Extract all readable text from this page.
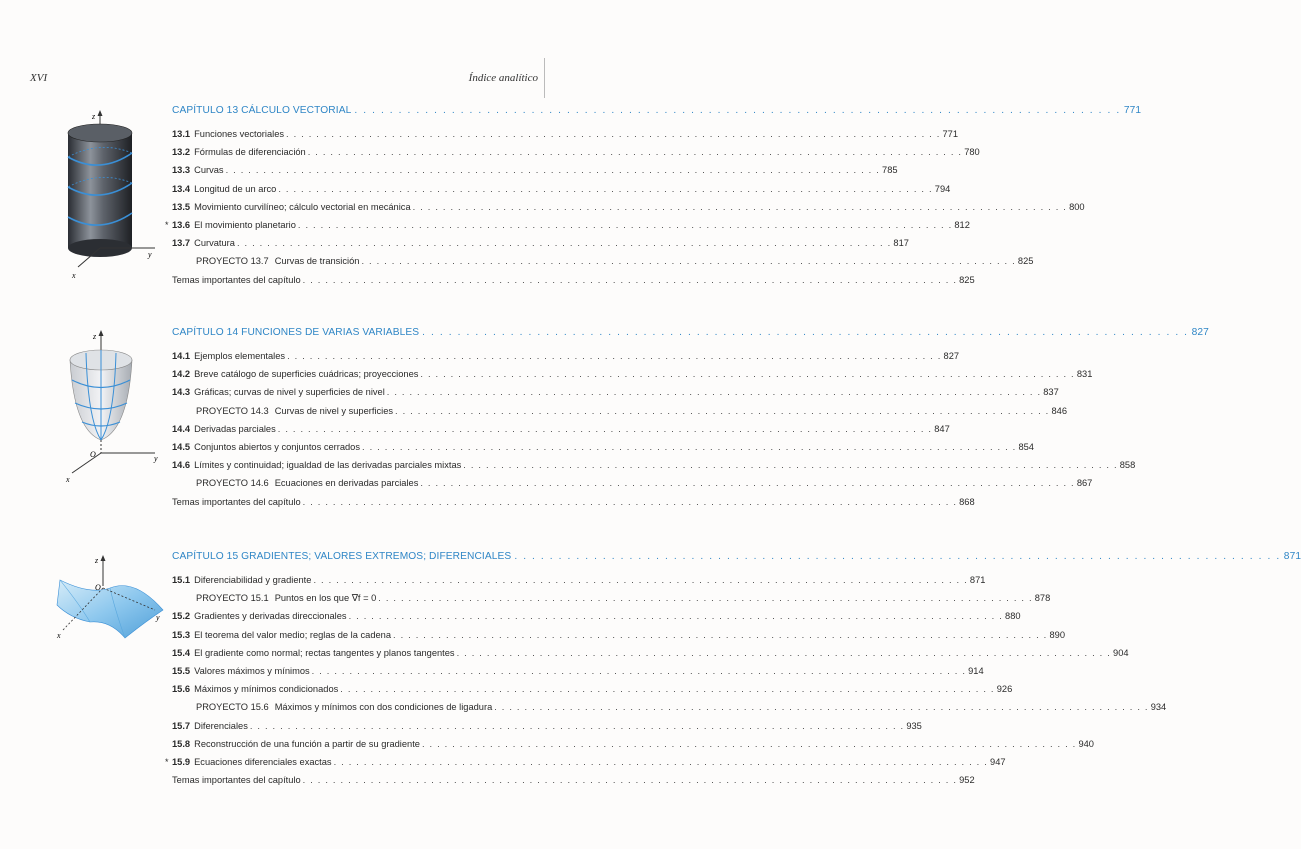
XVI	Índice analítico
z
y
x
z
O	y
x
z
O
y
x
CAPÍTULO 13 CÁLCULO VECTORIAL . . . . . . . . . . . . . . . . . . . . . . . . . . . . . . . . . . . . . . . . . . . . . . . . . . . . . . . . . . . . . . . . . . . . . . . . . . . . . . . . . . . . . . . 771
13.1 Funciones vectoriales . . . . . . . . . . . . . . . . . . . . . . . . . . . . . . . . . . . . . . . . . . . . . . . . . . . . . . . . . . . . . . . . . . . . . . . . . . . . . . . . . . . . . . . 771
13.2 Fórmulas de diferenciación . . . . . . . . . . . . . . . . . . . . . . . . . . . . . . . . . . . . . . . . . . . . . . . . . . . . . . . . . . . . . . . . . . . . . . . . . . . . . . . . . . . . . . . 780
13.3 Curvas . . . . . . . . . . . . . . . . . . . . . . . . . . . . . . . . . . . . . . . . . . . . . . . . . . . . . . . . . . . . . . . . . . . . . . . . . . . . . . . . . . . . . . . 785
13.4 Longitud de un arco . . . . . . . . . . . . . . . . . . . . . . . . . . . . . . . . . . . . . . . . . . . . . . . . . . . . . . . . . . . . . . . . . . . . . . . . . . . . . . . . . . . . . . . 794
13.5 Movimiento curvilíneo; cálculo vectorial en mecánica . . . . . . . . . . . . . . . . . . . . . . . . . . . . . . . . . . . . . . . . . . . . . . . . . . . . . . . . . . . . . . . . . . . . . . . . . . . . . . . . . . . . . . . 800
* 13.6 El movimiento planetario . . . . . . . . . . . . . . . . . . . . . . . . . . . . . . . . . . . . . . . . . . . . . . . . . . . . . . . . . . . . . . . . . . . . . . . . . . . . . . . . . . . . . . . 812
13.7 Curvatura . . . . . . . . . . . . . . . . . . . . . . . . . . . . . . . . . . . . . . . . . . . . . . . . . . . . . . . . . . . . . . . . . . . . . . . . . . . . . . . . . . . . . . . 817
PROYECTO 13.7 Curvas de transición . . . . . . . . . . . . . . . . . . . . . . . . . . . . . . . . . . . . . . . . . . . . . . . . . . . . . . . . . . . . . . . . . . . . . . . . . . . . . . . . . . . . . . . 825
Temas importantes del capítulo . . . . . . . . . . . . . . . . . . . . . . . . . . . . . . . . . . . . . . . . . . . . . . . . . . . . . . . . . . . . . . . . . . . . . . . . . . . . . . . . . . . . . . . 825
CAPÍTULO 14 FUNCIONES DE VARIAS VARIABLES . . . . . . . . . . . . . . . . . . . . . . . . . . . . . . . . . . . . . . . . . . . . . . . . . . . . . . . . . . . . . . . . . . . . . . . . . . . . . . . . . . . . . . . 827
14.1 Ejemplos elementales . . . . . . . . . . . . . . . . . . . . . . . . . . . . . . . . . . . . . . . . . . . . . . . . . . . . . . . . . . . . . . . . . . . . . . . . . . . . . . . . . . . . . . . 827
14.2 Breve catálogo de superficies cuádricas; proyecciones . . . . . . . . . . . . . . . . . . . . . . . . . . . . . . . . . . . . . . . . . . . . . . . . . . . . . . . . . . . . . . . . . . . . . . . . . . . . . . . . . . . . . . . 831
14.3 Gráficas; curvas de nivel y superficies de nivel . . . . . . . . . . . . . . . . . . . . . . . . . . . . . . . . . . . . . . . . . . . . . . . . . . . . . . . . . . . . . . . . . . . . . . . . . . . . . . . . . . . . . . . 837
PROYECTO 14.3 Curvas de nivel y superficies . . . . . . . . . . . . . . . . . . . . . . . . . . . . . . . . . . . . . . . . . . . . . . . . . . . . . . . . . . . . . . . . . . . . . . . . . . . . . . . . . . . . . . . 846
14.4 Derivadas parciales . . . . . . . . . . . . . . . . . . . . . . . . . . . . . . . . . . . . . . . . . . . . . . . . . . . . . . . . . . . . . . . . . . . . . . . . . . . . . . . . . . . . . . . 847
14.5 Conjuntos abiertos y conjuntos cerrados . . . . . . . . . . . . . . . . . . . . . . . . . . . . . . . . . . . . . . . . . . . . . . . . . . . . . . . . . . . . . . . . . . . . . . . . . . . . . . . . . . . . . . . 854
14.6 Límites y continuidad; igualdad de las derivadas parciales mixtas . . . . . . . . . . . . . . . . . . . . . . . . . . . . . . . . . . . . . . . . . . . . . . . . . . . . . . . . . . . . . . . . . . . . . . . . . . . . . . . . . . . . . . . 858
PROYECTO 14.6 Ecuaciones en derivadas parciales . . . . . . . . . . . . . . . . . . . . . . . . . . . . . . . . . . . . . . . . . . . . . . . . . . . . . . . . . . . . . . . . . . . . . . . . . . . . . . . . . . . . . . . 867
Temas importantes del capítulo . . . . . . . . . . . . . . . . . . . . . . . . . . . . . . . . . . . . . . . . . . . . . . . . . . . . . . . . . . . . . . . . . . . . . . . . . . . . . . . . . . . . . . . 868
CAPÍTULO 15 GRADIENTES; VALORES EXTREMOS; DIFERENCIALES . . . . . . . . . . . . . . . . . . . . . . . . . . . . . . . . . . . . . . . . . . . . . . . . . . . . . . . . . . . . . . . . . . . . . . . . . . . . . . . . . . . . . . . 871
15.1 Diferenciabilidad y gradiente . . . . . . . . . . . . . . . . . . . . . . . . . . . . . . . . . . . . . . . . . . . . . . . . . . . . . . . . . . . . . . . . . . . . . . . . . . . . . . . . . . . . . . . 871
PROYECTO 15.1 Puntos en los que ∇f = 0 . . . . . . . . . . . . . . . . . . . . . . . . . . . . . . . . . . . . . . . . . . . . . . . . . . . . . . . . . . . . . . . . . . . . . . . . . . . . . . . . . . . . . . . 878
15.2 Gradientes y derivadas direccionales . . . . . . . . . . . . . . . . . . . . . . . . . . . . . . . . . . . . . . . . . . . . . . . . . . . . . . . . . . . . . . . . . . . . . . . . . . . . . . . . . . . . . . . 880
15.3 El teorema del valor medio; reglas de la cadena . . . . . . . . . . . . . . . . . . . . . . . . . . . . . . . . . . . . . . . . . . . . . . . . . . . . . . . . . . . . . . . . . . . . . . . . . . . . . . . . . . . . . . . 890
15.4 El gradiente como normal; rectas tangentes y planos tangentes . . . . . . . . . . . . . . . . . . . . . . . . . . . . . . . . . . . . . . . . . . . . . . . . . . . . . . . . . . . . . . . . . . . . . . . . . . . . . . . . . . . . . . . 904
15.5 Valores máximos y mínimos . . . . . . . . . . . . . . . . . . . . . . . . . . . . . . . . . . . . . . . . . . . . . . . . . . . . . . . . . . . . . . . . . . . . . . . . . . . . . . . . . . . . . . . 914
15.6 Máximos y mínimos condicionados . . . . . . . . . . . . . . . . . . . . . . . . . . . . . . . . . . . . . . . . . . . . . . . . . . . . . . . . . . . . . . . . . . . . . . . . . . . . . . . . . . . . . . . 926
PROYECTO 15.6 Máximos y mínimos con dos condiciones de ligadura . . . . . . . . . . . . . . . . . . . . . . . . . . . . . . . . . . . . . . . . . . . . . . . . . . . . . . . . . . . . . . . . . . . . . . . . . . . . . . . . . . . . . . . 934
15.7 Diferenciales . . . . . . . . . . . . . . . . . . . . . . . . . . . . . . . . . . . . . . . . . . . . . . . . . . . . . . . . . . . . . . . . . . . . . . . . . . . . . . . . . . . . . . . 935
15.8 Reconstrucción de una función a partir de su gradiente . . . . . . . . . . . . . . . . . . . . . . . . . . . . . . . . . . . . . . . . . . . . . . . . . . . . . . . . . . . . . . . . . . . . . . . . . . . . . . . . . . . . . . . 940
* 15.9 Ecuaciones diferenciales exactas . . . . . . . . . . . . . . . . . . . . . . . . . . . . . . . . . . . . . . . . . . . . . . . . . . . . . . . . . . . . . . . . . . . . . . . . . . . . . . . . . . . . . . . 947
Temas importantes del capítulo . . . . . . . . . . . . . . . . . . . . . . . . . . . . . . . . . . . . . . . . . . . . . . . . . . . . . . . . . . . . . . . . . . . . . . . . . . . . . . . . . . . . . . . 952
